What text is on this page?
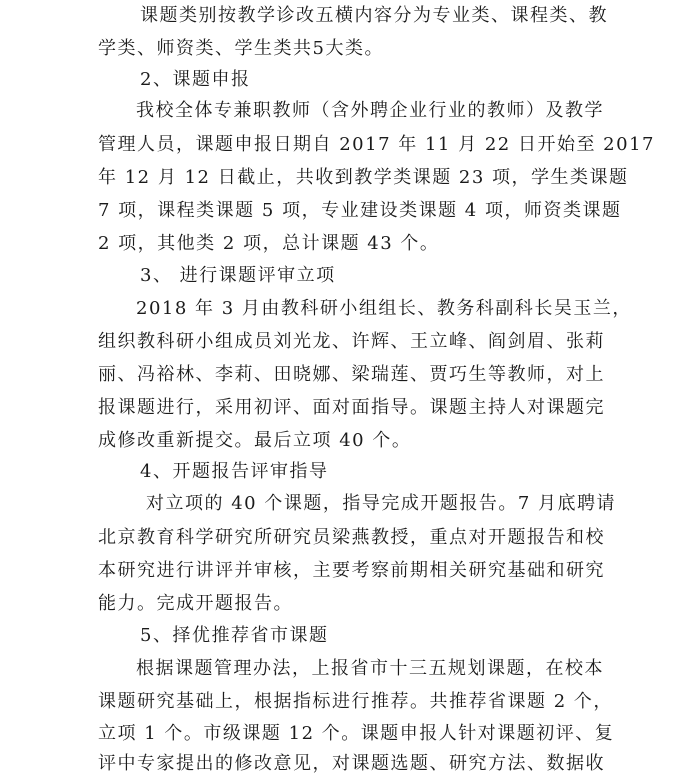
课题类别按教学诊改五横内容分为专业类、课程类、教
学类、师资类、学生类共5大类。
2、课题申报
我校全体专兼职教师（含外聘企业行业的教师）及教学
管理人员，课题申报日期自 2017 年 11 月 22 日开始至 2017
年 12 月 12 日截止，共收到教学类课题 23 项，学生类课题
7 项，课程类课题 5 项，专业建设类课题 4 项，师资类课题
2 项，其他类 2 项，总计课题 43 个。
3、 进行课题评审立项
2018 年 3 月由教科研小组组长、教务科副科长吴玉兰，
组织教科研小组成员刘光龙、许辉、王立峰、阎剑眉、张莉
丽、冯裕林、李莉、田晓娜、梁瑞莲、贾巧生等教师，对上
报课题进行，采用初评、面对面指导。课题主持人对课题完
成修改重新提交。最后立项 40 个。
4、开题报告评审指导
对立项的 40 个课题，指导完成开题报告。7 月底聘请
北京教育科学研究所研究员梁燕教授，重点对开题报告和校
本研究进行讲评并审核，主要考察前期相关研究基础和研究
能力。完成开题报告。
5、择优推荐省市课题
根据课题管理办法，上报省市十三五规划课题，在校本
课题研究基础上，根据指标进行推荐。共推荐省课题 2 个，
立项 1 个。市级课题 12 个。课题申报人针对课题初评、复
评中专家提出的修改意见，对课题选题、研究方法、数据收
